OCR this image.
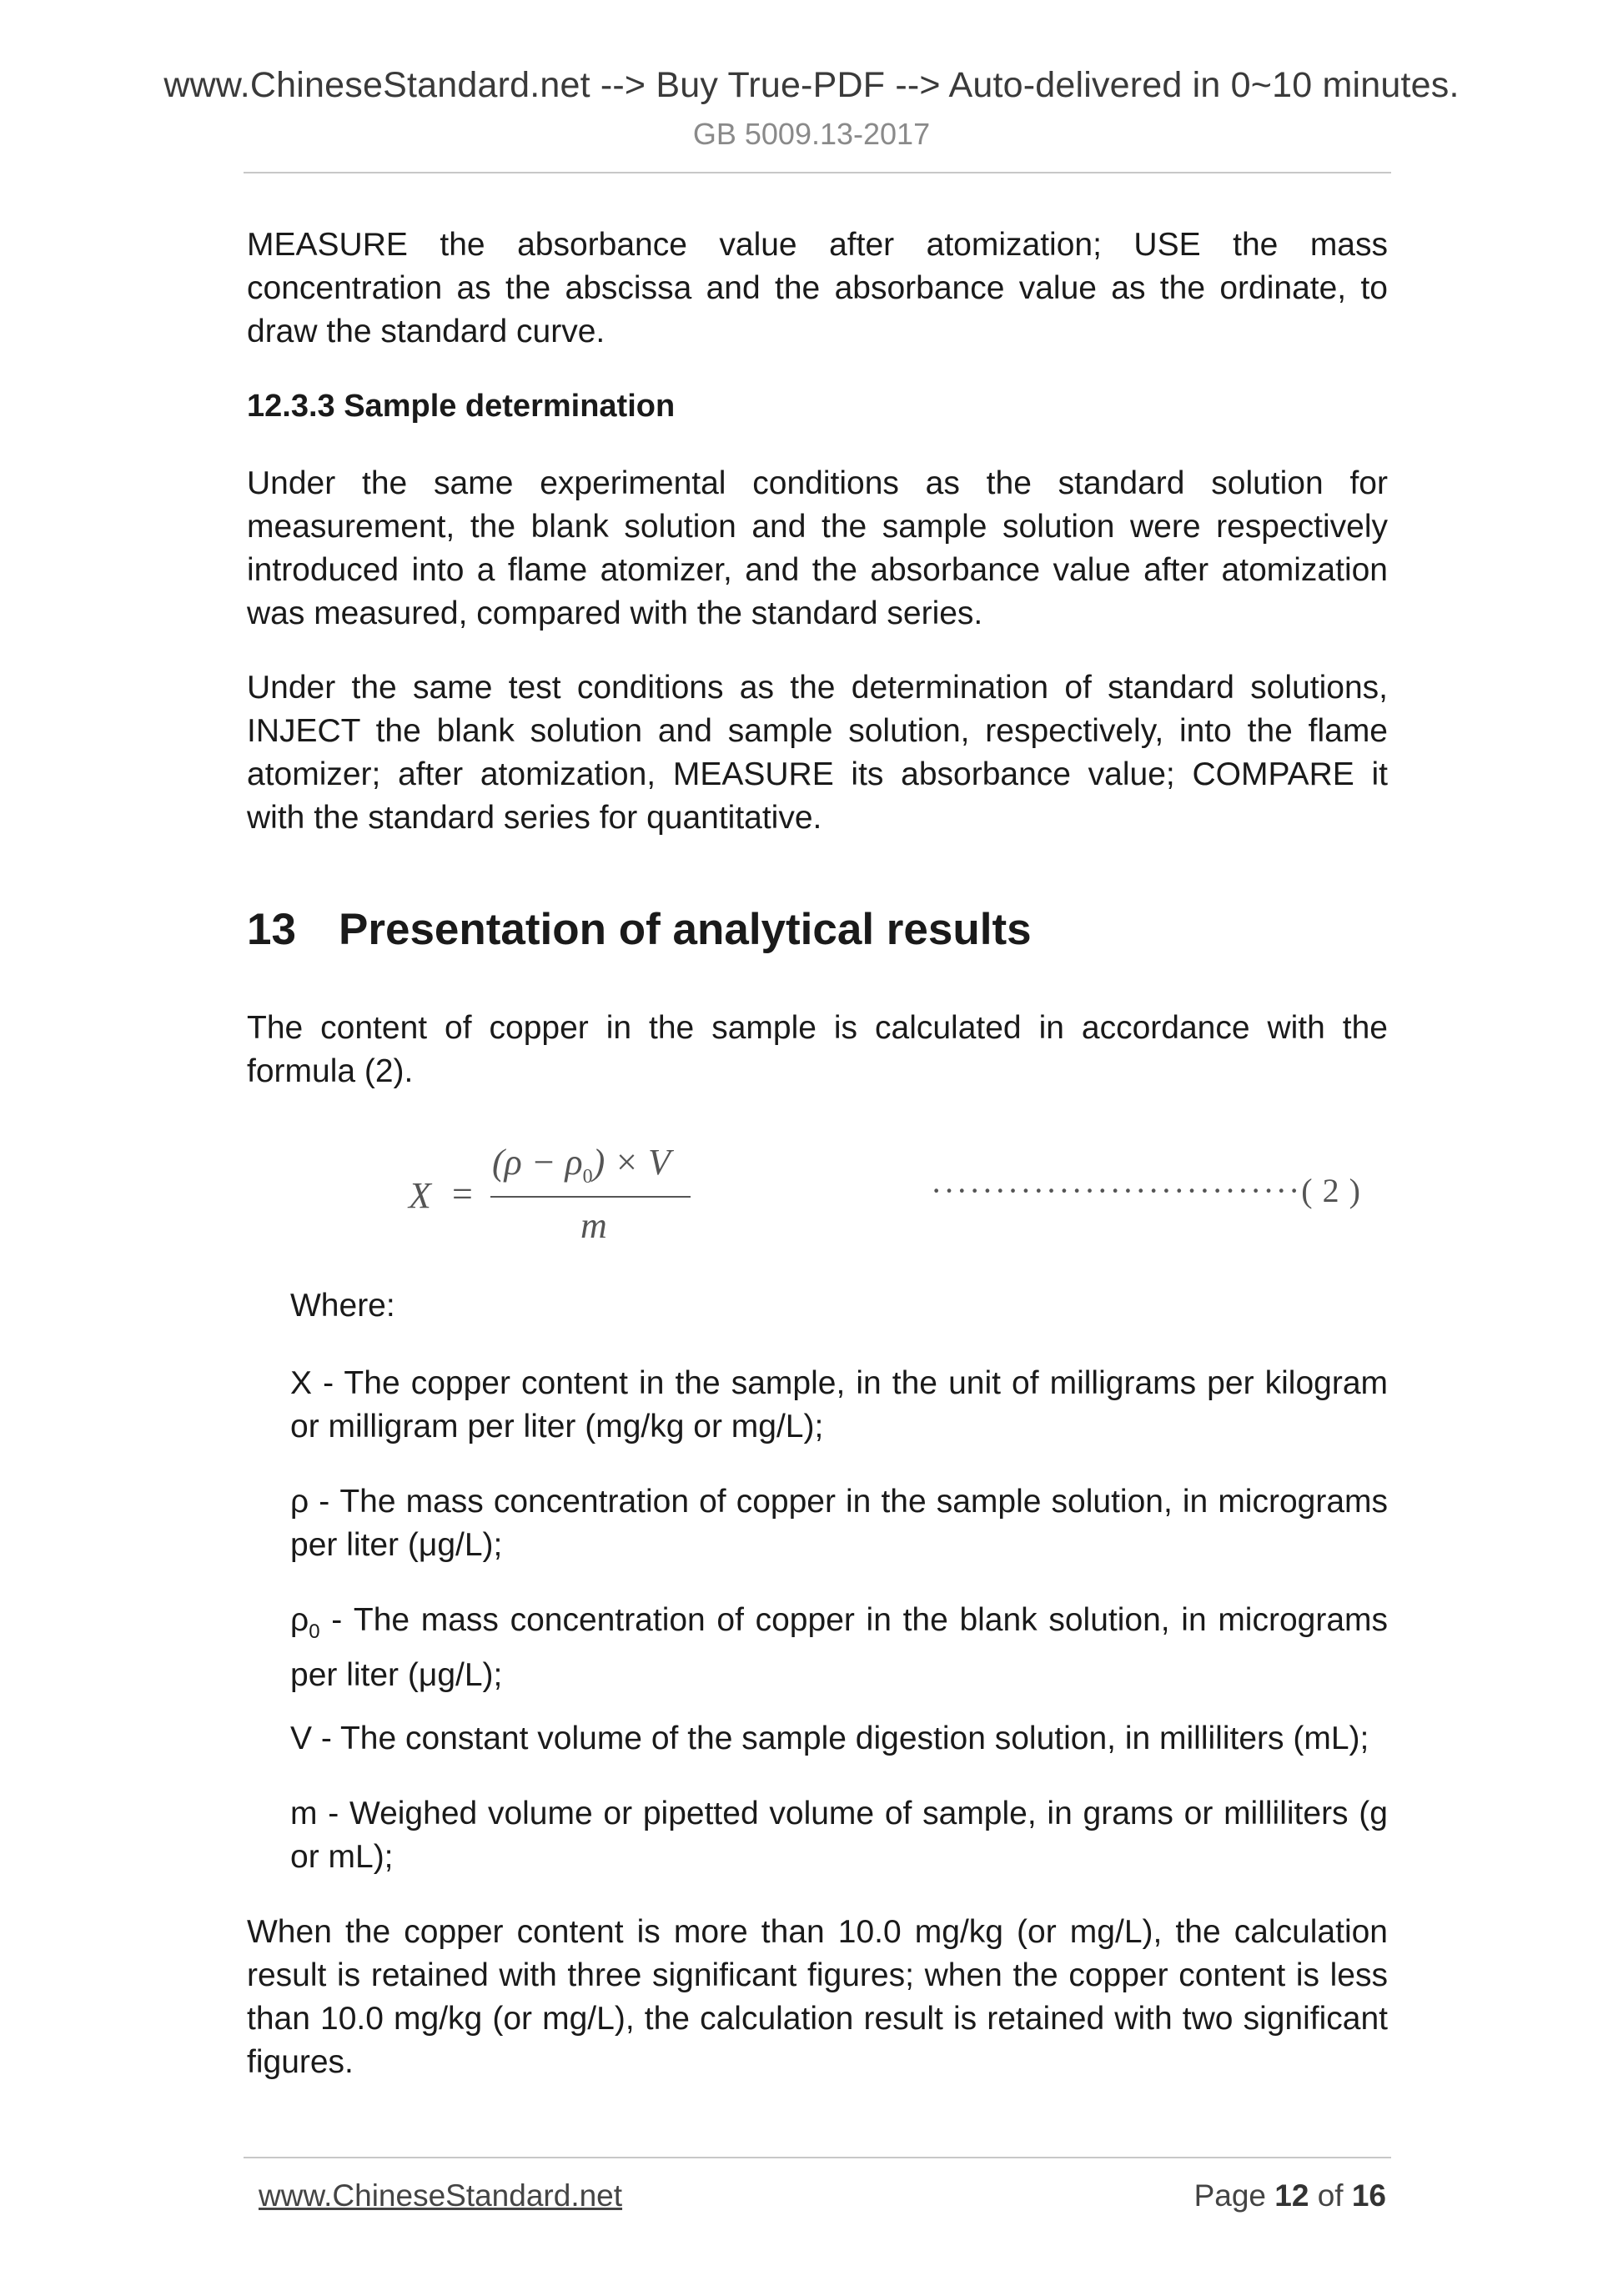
www.ChineseStandard.net --> Buy True-PDF --> Auto-delivered in 0~10 minutes.
GB 5009.13-2017
MEASURE the absorbance value after atomization; USE the mass concentration as the abscissa and the absorbance value as the ordinate, to draw the standard curve.
12.3.3 Sample determination
Under the same experimental conditions as the standard solution for measurement, the blank solution and the sample solution were respectively introduced into a flame atomizer, and the absorbance value after atomization was measured, compared with the standard series.
Under the same test conditions as the determination of standard solutions, INJECT the blank solution and sample solution, respectively, into the flame atomizer; after atomization, MEASURE its absorbance value; COMPARE it with the standard series for quantitative.
13 Presentation of analytical results
The content of copper in the sample is calculated in accordance with the formula (2).
X =
$(\rho - \rho_0) \times V$
m
·····························( 2 )
Where:
X - The copper content in the sample, in the unit of milligrams per kilogram or milligram per liter (mg/kg or mg/L);
ρ - The mass concentration of copper in the sample solution, in micrograms per liter (μg/L);
$\rho_0$ - The mass concentration of copper in the blank solution, in micrograms per liter (μg/L);
V - The constant volume of the sample digestion solution, in milliliters (mL);
m - Weighed volume or pipetted volume of sample, in grams or milliliters (g or mL);
When the copper content is more than 10.0 mg/kg (or mg/L), the calculation result is retained with three significant figures; when the copper content is less than 10.0 mg/kg (or mg/L), the calculation result is retained with two significant figures.
www.ChineseStandard.net	Page 12 of 16
